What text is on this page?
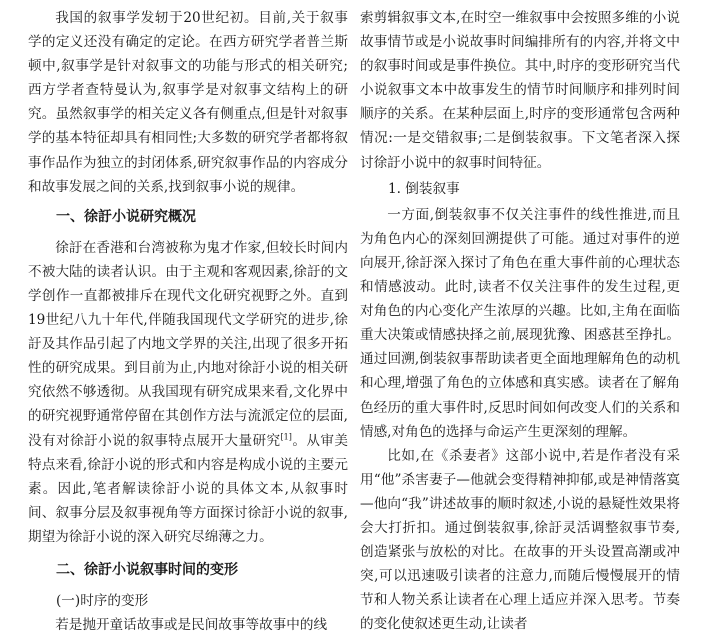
我国的叙事学发轫于20世纪初。目前,关于叙事学的定义还没有确定的定论。在西方研究学者普兰斯顿中,叙事学是针对叙事文的功能与形式的相关研究;西方学者查特曼认为,叙事学是对叙事文结构上的研究。虽然叙事学的相关定义各有侧重点,但是针对叙事学的基本特征却具有相同性;大多数的研究学者都将叙事作品作为独立的封闭体系,研究叙事作品的内容成分和故事发展之间的关系,找到叙事小说的规律。

一、徐訏小说研究概况

徐訏在香港和台湾被称为鬼才作家,但较长时间内不被大陆的读者认识。由于主观和客观因素,徐訏的文学创作一直都被排斥在现代文化研究视野之外。直到19世纪八九十年代,伴随我国现代文学研究的进步,徐訏及其作品引起了内地文学界的关注,出现了很多开拓性的研究成果。到目前为止,内地对徐訏小说的相关研究依然不够透彻。从我国现有研究成果来看,文化界中的研究视野通常停留在其创作方法与流派定位的层面,没有对徐訏小说的叙事特点展开大量研究[1]。从审美特点来看,徐訏小说的形式和内容是构成小说的主要元素。因此,笔者解读徐訏小说的具体文本,从叙事时间、叙事分层及叙事视角等方面探讨徐訏小说的叙事,期望为徐訏小说的深入研究尽绵薄之力。

二、徐訏小说叙事时间的变形

(一)时序的变形

若是抛开童话故事或是民间故事等故事中的线

索剪辑叙事文本,在时空一维叙事中会按照多维的小说故事情节或是小说故事时间编排所有的内容,并将文中的叙事时间或是事件换位。其中,时序的变形研究当代小说叙事文本中故事发生的情节时间顺序和排列时间顺序的关系。在某种层面上,时序的变形通常包含两种情况:一是交错叙事;二是倒装叙事。下文笔者深入探讨徐訏小说中的叙事时间特征。

1. 倒装叙事

一方面,倒装叙事不仅关注事件的线性推进,而且为角色内心的深刻回溯提供了可能。通过对事件的逆向展开,徐訏深入探讨了角色在重大事件前的心理状态和情感波动。此时,读者不仅关注事件的发生过程,更对角色的内心变化产生浓厚的兴趣。比如,主角在面临重大决策或情感抉择之前,展现犹豫、困惑甚至挣扎。通过回溯,倒装叙事帮助读者更全面地理解角色的动机和心理,增强了角色的立体感和真实感。读者在了解角色经历的重大事件时,反思时间如何改变人们的关系和情感,对角色的选择与命运产生更深刻的理解。

比如,在《杀妻者》这部小说中,若是作者没有采用“他”杀害妻子—他就会变得精神抑郁,或是神情落寞—他向“我”讲述故事的顺时叙述,小说的悬疑性效果将会大打折扣。通过倒装叙事,徐訏灵活调整叙事节奏,创造紧张与放松的对比。在故事的开头设置高潮或冲突,可以迅速吸引读者的注意力,而随后慢慢展开的情节和人物关系让读者在心理上适应并深入思考。节奏的变化使叙述更生动,让读者
